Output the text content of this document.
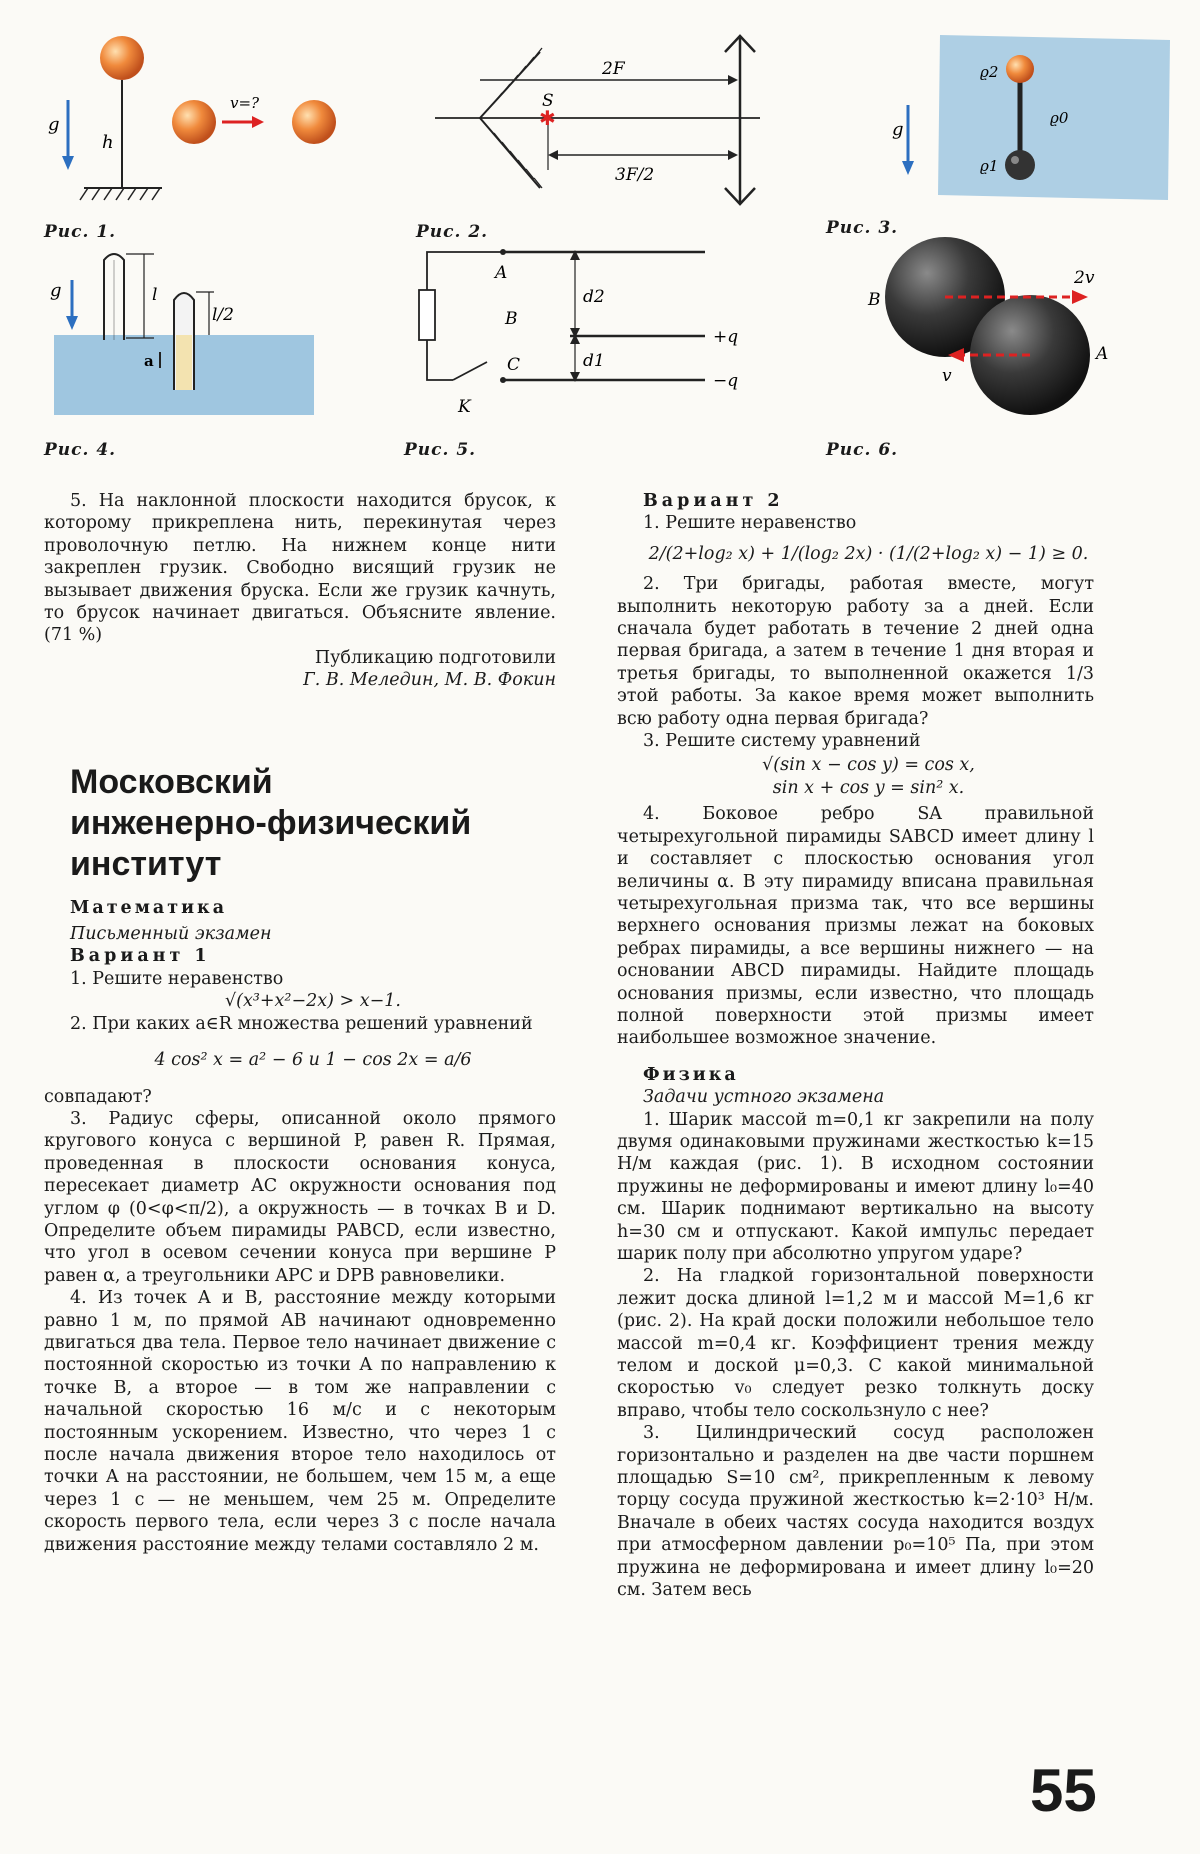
g
h
v=?
Рис. 1.
2F
3F/2
S
✱
Рис. 2.
g
ϱ2
ϱ0
ϱ1
Рис. 3.
g	l
l/2
a
Рис. 4.
A
B
C
K
d2
d1
+q
−q
Рис. 5.
B
A
2v
v
Рис. 6.

5. На наклонной плоскости находится брусок, к которому прикреплена нить, перекинутая через проволочную петлю. На нижнем конце нити закреплен грузик. Свободно висящий грузик не вызывает движения бруска. Если же грузик качнуть, то брусок начинает двигаться. Объясните явление. (71 %)

Публикацию подготовили

Г. В. Меледин, М. В. Фокин

Московский

инженерно-физический

институт

Математика

Письменный экзамен

Вариант 1

1. Решите неравенство

√(x³+x²−2x) > x−1.

2. При каких a∈R множества решений уравнений

4 cos² x = a² − 6 и 1 − cos 2x = a/6

совпадают?

3. Радиус сферы, описанной около прямого кругового конуса с вершиной P, равен R. Прямая, проведенная в плоскости основания конуса, пересекает диаметр AC окружности основания под углом φ (0<φ<π/2), а окружность — в точках B и D. Определите объем пирамиды PABCD, если известно, что угол в осевом сечении конуса при вершине P равен α, а треугольники APC и DPB равновелики.

4. Из точек A и B, расстояние между которыми равно 1 м, по прямой AB начинают одновременно двигаться два тела. Первое тело начинает движение с постоянной скоростью из точки A по направлению к точке B, а второе — в том же направлении с начальной скоростью 16 м/с и с некоторым постоянным ускорением. Известно, что через 1 с после начала движения второе тело находилось от точки A на расстоянии, не большем, чем 15 м, а еще через 1 с — не меньшем, чем 25 м. Определите скорость первого тела, если через 3 с после начала движения расстояние между телами составляло 2 м.

Вариант 2

1. Решите неравенство

2/(2+log₂ x) + 1/(log₂ 2x) · (1/(2+log₂ x) − 1) ≥ 0.

2. Три бригады, работая вместе, могут выполнить некоторую работу за a дней. Если сначала будет работать в течение 2 дней одна первая бригада, а затем в течение 1 дня вторая и третья бригады, то выполненной окажется 1/3 этой работы. За какое время может выполнить всю работу одна первая бригада?

3. Решите систему уравнений

√(sin x − cos y) = cos x,

sin x + cos y = sin² x.

4. Боковое ребро SA правильной четырехугольной пирамиды SABCD имеет длину l и составляет с плоскостью основания угол величины α. В эту пирамиду вписана правильная четырехугольная призма так, что все вершины верхнего основания призмы лежат на боковых ребрах пирамиды, а все вершины нижнего — на основании ABCD пирамиды. Найдите площадь основания призмы, если известно, что площадь полной поверхности этой призмы имеет наибольшее возможное значение.

Физика

Задачи устного экзамена

1. Шарик массой m=0,1 кг закрепили на полу двумя одинаковыми пружинами жесткостью k=15 Н/м каждая (рис. 1). В исходном состоянии пружины не деформированы и имеют длину l₀=40 см. Шарик поднимают вертикально на высоту h=30 см и отпускают. Какой импульс передает шарик полу при абсолютно упругом ударе?

2. На гладкой горизонтальной поверхности лежит доска длиной l=1,2 м и массой M=1,6 кг (рис. 2). На край доски положили небольшое тело массой m=0,4 кг. Коэффициент трения между телом и доской μ=0,3. С какой минимальной скоростью v₀ следует резко толкнуть доску вправо, чтобы тело соскользнуло с нее?

3. Цилиндрический сосуд расположен горизонтально и разделен на две части поршнем площадью S=10 см², прикрепленным к левому торцу сосуда пружиной жесткостью k=2·10³ Н/м. Вначале в обеих частях сосуда находится воздух при атмосферном давлении p₀=10⁵ Па, при этом пружина не деформирована и имеет длину l₀=20 см. Затем весь

55
